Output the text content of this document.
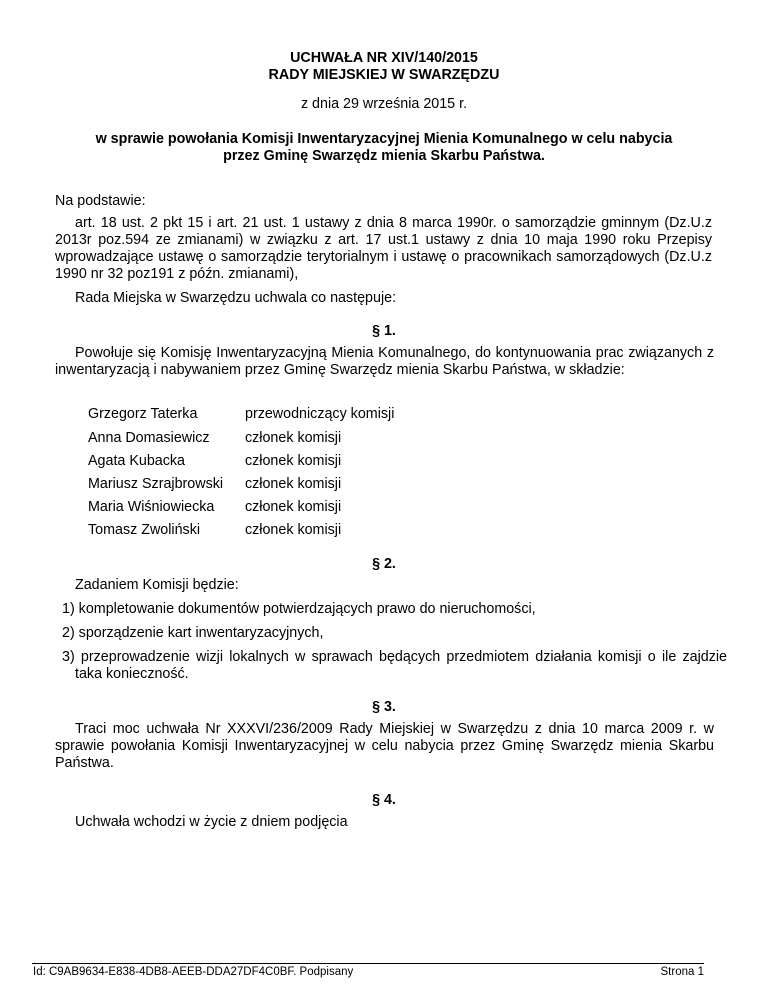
UCHWAŁA NR XIV/140/2015
RADY MIEJSKIEJ W SWARZĘDZU
z dnia 29 września 2015 r.
w sprawie powołania Komisji Inwentaryzacyjnej Mienia Komunalnego w celu nabycia
przez Gminę Swarzędz mienia Skarbu Państwa.
Na podstawie:
art. 18 ust. 2 pkt 15 i art. 21 ust. 1 ustawy z dnia 8 marca 1990r. o samorządzie gminnym (Dz.U.z 2013r poz.594 ze zmianami) w związku z art. 17 ust.1 ustawy z dnia 10 maja 1990 roku Przepisy wprowadzające ustawę o samorządzie terytorialnym i ustawę o pracownikach samorządowych (Dz.U.z 1990 nr 32 poz191 z późn. zmianami),
Rada Miejska w Swarzędzu uchwala co następuje:
§ 1.
Powołuje się Komisję Inwentaryzacyjną Mienia Komunalnego, do kontynuowania prac związanych z inwentaryzacją i nabywaniem przez Gminę Swarzędz mienia Skarbu Państwa, w składzie:
Grzegorz Taterka	przewodniczący komisji
Anna Domasiewicz członek komisji
Agata Kubacka	członek komisji
Mariusz Szrajbrowski członek komisji
Maria Wiśniowiecka członek komisji
Tomasz Zwoliński	członek komisji
§ 2.
Zadaniem Komisji będzie:
1) kompletowanie dokumentów potwierdzających prawo do nieruchomości,
2) sporządzenie kart inwentaryzacyjnych,
3) przeprowadzenie wizji lokalnych w sprawach będących przedmiotem działania komisji o ile zajdzie taka konieczność.
§ 3.
Traci moc uchwała Nr XXXVI/236/2009 Rady Miejskiej w Swarzędzu z dnia 10 marca 2009 r. w sprawie powołania Komisji Inwentaryzacyjnej w celu nabycia przez Gminę Swarzędz mienia Skarbu Państwa.
§ 4.
Uchwała wchodzi w życie z dniem podjęcia
Id: C9AB9634-E838-4DB8-AEEB-DDA27DF4C0BF. Podpisany	Strona 1
